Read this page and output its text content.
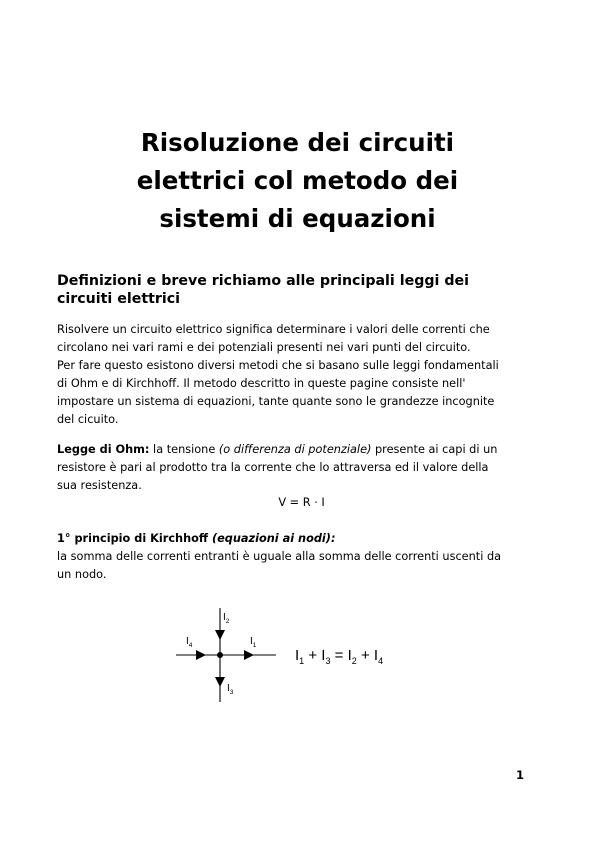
Risoluzione dei circuiti
elettrici col metodo dei
sistemi di equazioni
Definizioni e breve richiamo alle principali leggi dei
circuiti elettrici

Risolvere un circuito elettrico significa determinare i valori delle correnti che
circolano nei vari rami e dei potenziali presenti nei vari punti del circuito.
Per fare questo esistono diversi metodi che si basano sulle leggi fondamentali
di Ohm e di Kirchhoff. Il metodo descritto in queste pagine consiste nell'
impostare un sistema di equazioni, tante quante sono le grandezze incognite
del cicuito.

Legge di Ohm: la tensione (o differenza di potenziale) presente ai capi di un
resistore è pari al prodotto tra la corrente che lo attraversa ed il valore della
sua resistenza.

V = R ⋅ I

1° principio di Kirchhoff (equazioni ai nodi):
la somma delle correnti entranti è uguale alla somma delle correnti uscenti da
un nodo.

$I_2$
$I_4$	$I_1$
$I_3$
$I_1 + I_3 = I_2 + I_4$
1
